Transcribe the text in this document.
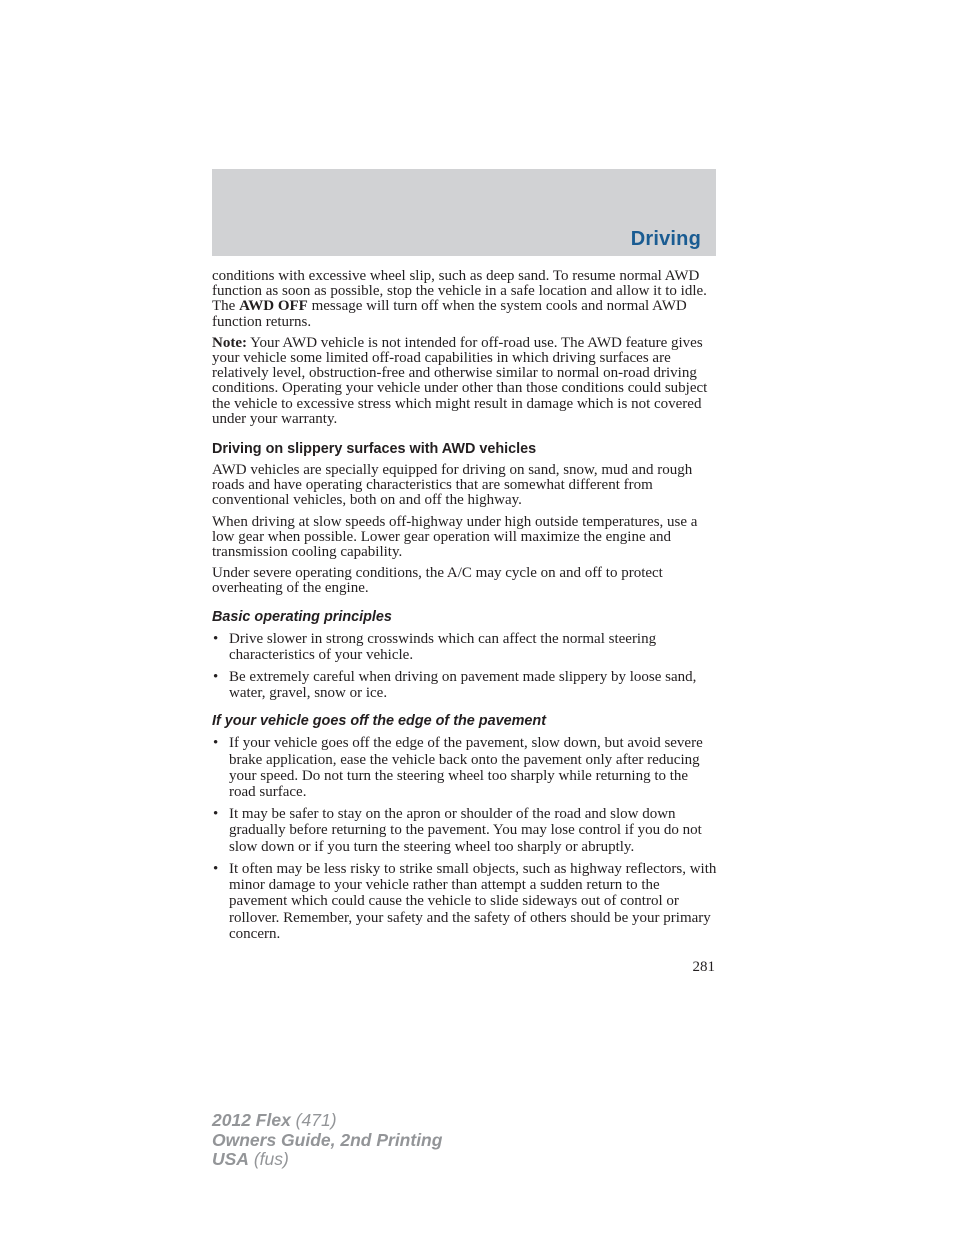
Driving

conditions with excessive wheel slip, such as deep sand. To resume normal AWD function as soon as possible, stop the vehicle in a safe location and allow it to idle. The AWD OFF message will turn off when the system cools and normal AWD function returns.

Note: Your AWD vehicle is not intended for off-road use. The AWD feature gives your vehicle some limited off-road capabilities in which driving surfaces are relatively level, obstruction-free and otherwise similar to normal on-road driving conditions. Operating your vehicle under other than those conditions could subject the vehicle to excessive stress which might result in damage which is not covered under your warranty.

Driving on slippery surfaces with AWD vehicles

AWD vehicles are specially equipped for driving on sand, snow, mud and rough roads and have operating characteristics that are somewhat different from conventional vehicles, both on and off the highway.

When driving at slow speeds off-highway under high outside temperatures, use a low gear when possible. Lower gear operation will maximize the engine and transmission cooling capability.

Under severe operating conditions, the A/C may cycle on and off to protect overheating of the engine.

Basic operating principles
• Drive slower in strong crosswinds which can affect the normal steering characteristics of your vehicle.
• Be extremely careful when driving on pavement made slippery by loose sand, water, gravel, snow or ice.
If your vehicle goes off the edge of the pavement
• If your vehicle goes off the edge of the pavement, slow down, but avoid severe brake application, ease the vehicle back onto the pavement only after reducing your speed. Do not turn the steering wheel too sharply while returning to the road surface.
• It may be safer to stay on the apron or shoulder of the road and slow down gradually before returning to the pavement. You may lose control if you do not slow down or if you turn the steering wheel too sharply or abruptly.
• It often may be less risky to strike small objects, such as highway reflectors, with minor damage to your vehicle rather than attempt a sudden return to the pavement which could cause the vehicle to slide sideways out of control or rollover. Remember, your safety and the safety of others should be your primary concern.
281
2012 Flex (471)
Owners Guide, 2nd Printing
USA (fus)
